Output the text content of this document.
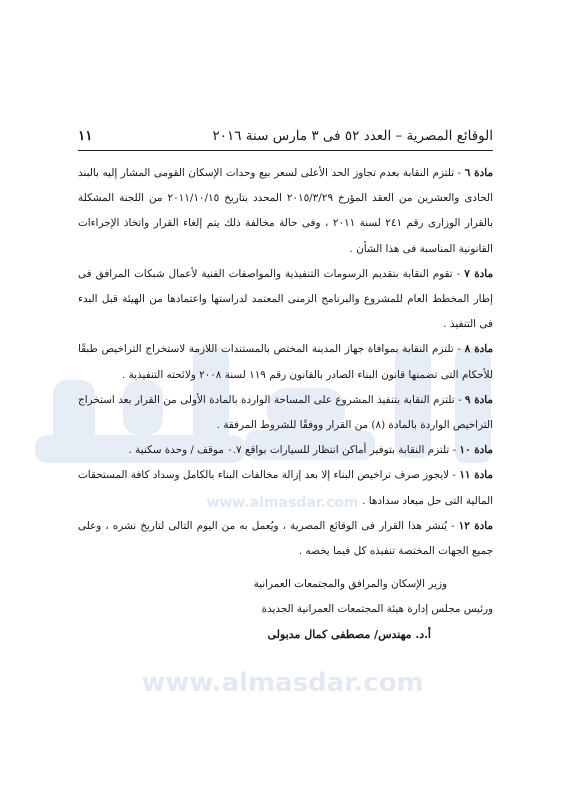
www.almasdar.com
www.almasdar.com
الوقائع المصرية – العدد ٥٢ فى ٣ مارس سنة ٢٠١٦
١١

مادة ٦ - تلتزم النقابة بعدم تجاوز الحد الأعلى لسعر بيع وحدات الإسكان القومى المشار إليه بالبند الحادى والعشرين من العقد المؤرخ ٢٠١٥/٣/٢٩ المحدد بتاريخ ٢٠١١/١٠/١٥ من اللجنة المشكلة بالقرار الوزارى رقم ٢٤١ لسنة ٢٠١١ ، وفى حالة مخالفة ذلك يتم إلغاء القرار واتخاذ الإجراءات القانونية المناسبة فى هذا الشأن .

مادة ٧ - تقوم النقابة بتقديم الرسومات التنفيذية والمواصفات الفنية لأعمال شبكات المرافق فى إطار المخطط العام للمشروع والبرنامج الزمنى المعتمد لدراستها واعتمادها من الهيئة قبل البدء فى التنفيذ .

مادة ٨ - تلتزم النقابة بموافاة جهاز المدينة المختص بالمستندات اللازمة لاستخراج التراخيص طبقًا للأحكام التى تضمنها قانون البناء الصادر بالقانون رقم ١١٩ لسنة ٢٠٠٨ ولائحته التنفيذية .

مادة ٩ - تلتزم النقابة بتنفيذ المشروع على المساحة الواردة بالمادة الأولى من القرار بعد استخراج التراخيص الواردة بالمادة (٨) من القرار ووفقًا للشروط المرفقة .

مادة ١٠ - تلتزم النقابة بتوفير أماكن انتظار للسيارات بواقع ٠.٧ موقف / وحدة سكنية .

مادة ١١ - لايجوز صرف تراخيص البناء إلا بعد إزالة مخالفات البناء بالكامل وسداد كافة المستحقات المالية التى حل ميعاد سدادها .

مادة ١٢ - يُنشر هذا القرار فى الوقائع المصرية ، ويُعمل به من اليوم التالى لتاريخ نشره ، وعلى جميع الجهات المختصة تنفيذه كل فيما يخصه .

وزير الإسكان والمرافق والمجتمعات العمرانية
ورئيس مجلس إدارة هيئة المجتمعات العمرانية الجديدة
أ.د. مهندس/ مصطفى كمال مدبولى
